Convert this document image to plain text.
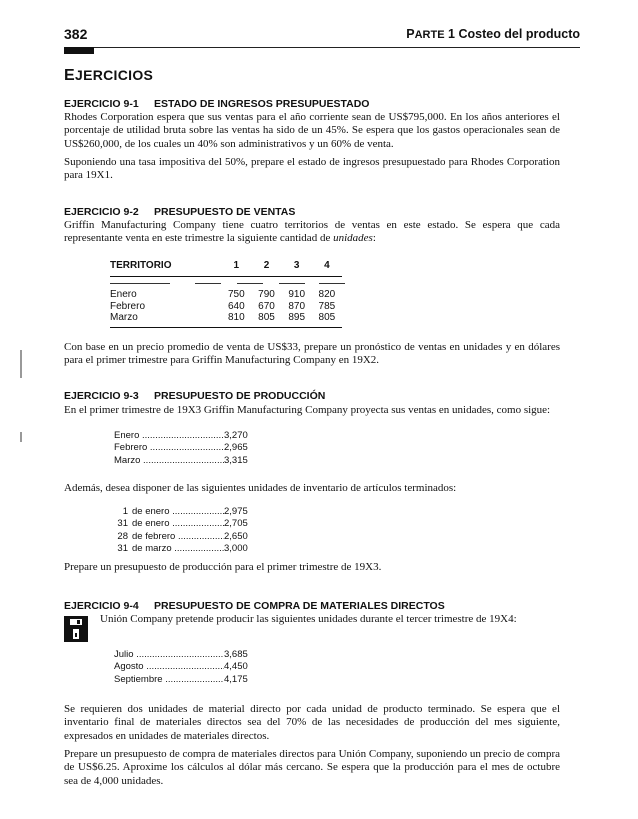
382	PARTE 1 Costeo del producto
EJERCICIOS
EJERCICIO 9-1 ESTADO DE INGRESOS PRESUPUESTADO

Rhodes Corporation espera que sus ventas para el año corriente sean de US$795,000. En los años anteriores el porcentaje de utilidad bruta sobre las ventas ha sido de un 45%. Se espera que los gastos operacionales sean de US$260,000, de los cuales un 40% son administrativos y un 60% de venta.

Suponiendo una tasa impositiva del 50%, prepare el estado de ingresos presupuestado para Rhodes Corporation para 19X1.

EJERCICIO 9-2 PRESUPUESTO DE VENTAS

Griffin Manufacturing Company tiene cuatro territorios de ventas en este estado. Se espera que cada representante venta en este trimestre la siguiente cantidad de unidades:

TERRITORIO	1	2	3	4

Enero	750	790	910	820
Febrero	640	670	870	785
Marzo	810	805	895	805

Con base en un precio promedio de venta de US$33, prepare un pronóstico de ventas en unidades y en dólares para el primer trimestre para Griffin Manufacturing Company en 19X2.

EJERCICIO 9-3 PRESUPUESTO DE PRODUCCIÓN

En el primer trimestre de 19X3 Griffin Manufacturing Company proyecta sus ventas en unidades, como sigue:

Enero .....	3,270
Febrero .....	2,965
Marzo .....	3,315

Además, desea disponer de las siguientes unidades de inventario de artículos terminados:

1 de enero .....	2,975
31 de enero .....	2,705
28 de febrero .....	2,650
31 de marzo .....	3,000

Prepare un presupuesto de producción para el primer trimestre de 19X3.

EJERCICIO 9-4 PRESUPUESTO DE COMPRA DE MATERIALES DIRECTOS

Unión Company pretende producir las siguientes unidades durante el tercer trimestre de 19X4:

Julio .....	3,685
Agosto .....	4,450
Septiembre .....	4,175

Se requieren dos unidades de material directo por cada unidad de producto terminado. Se espera que el inventario final de materiales directos sea del 70% de las necesidades de producción del mes siguiente, expresados en unidades de materiales directos.

Prepare un presupuesto de compra de materiales directos para Unión Company, suponiendo un precio de compra de US$6.25. Aproxime los cálculos al dólar más cercano. Se espera que la producción para el mes de octubre sea de 4,000 unidades.
